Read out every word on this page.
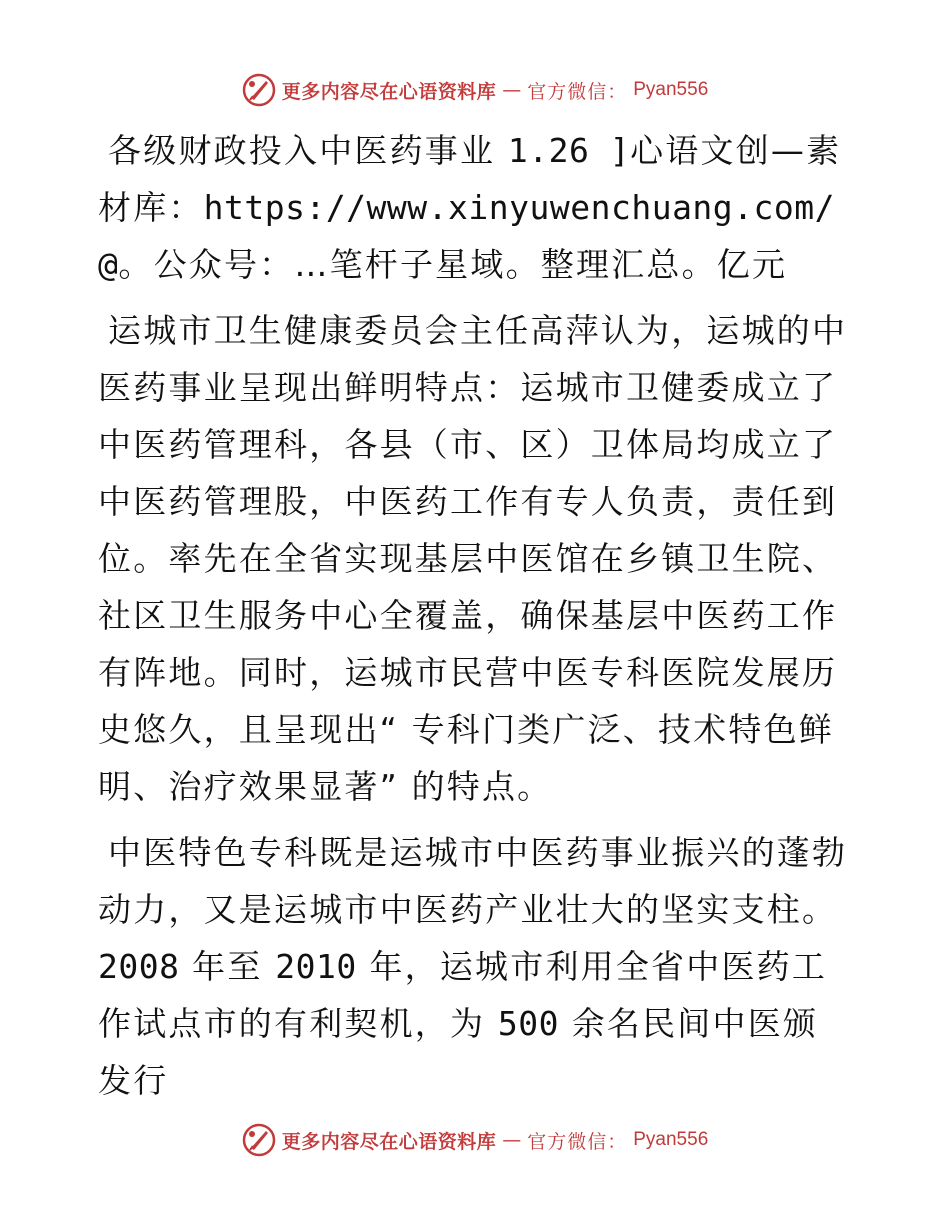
更多内容尽在心语资料库 — 官方微信： Pyan556

各级财政投入中医药事业 1.26 ]心语文创—素材库：https://www.xinyuwenchuang.com/@。公众号：…笔杆子星域。整理汇总。亿元

运城市卫生健康委员会主任高萍认为，运城的中医药事业呈现出鲜明特点：运城市卫健委成立了中医药管理科，各县（市、区）卫体局均成立了中医药管理股，中医药工作有专人负责，责任到位。率先在全省实现基层中医馆在乡镇卫生院、社区卫生服务中心全覆盖，确保基层中医药工作有阵地。同时，运城市民营中医专科医院发展历史悠久，且呈现出“ 专科门类广泛、技术特色鲜明、治疗效果显著” 的特点。

中医特色专科既是运城市中医药事业振兴的蓬勃动力，又是运城市中医药产业壮大的坚实支柱。2008 年至 2010 年，运城市利用全省中医药工作试点市的有利契机，为 500 余名民间中医颁发行

更多内容尽在心语资料库 — 官方微信： Pyan556
